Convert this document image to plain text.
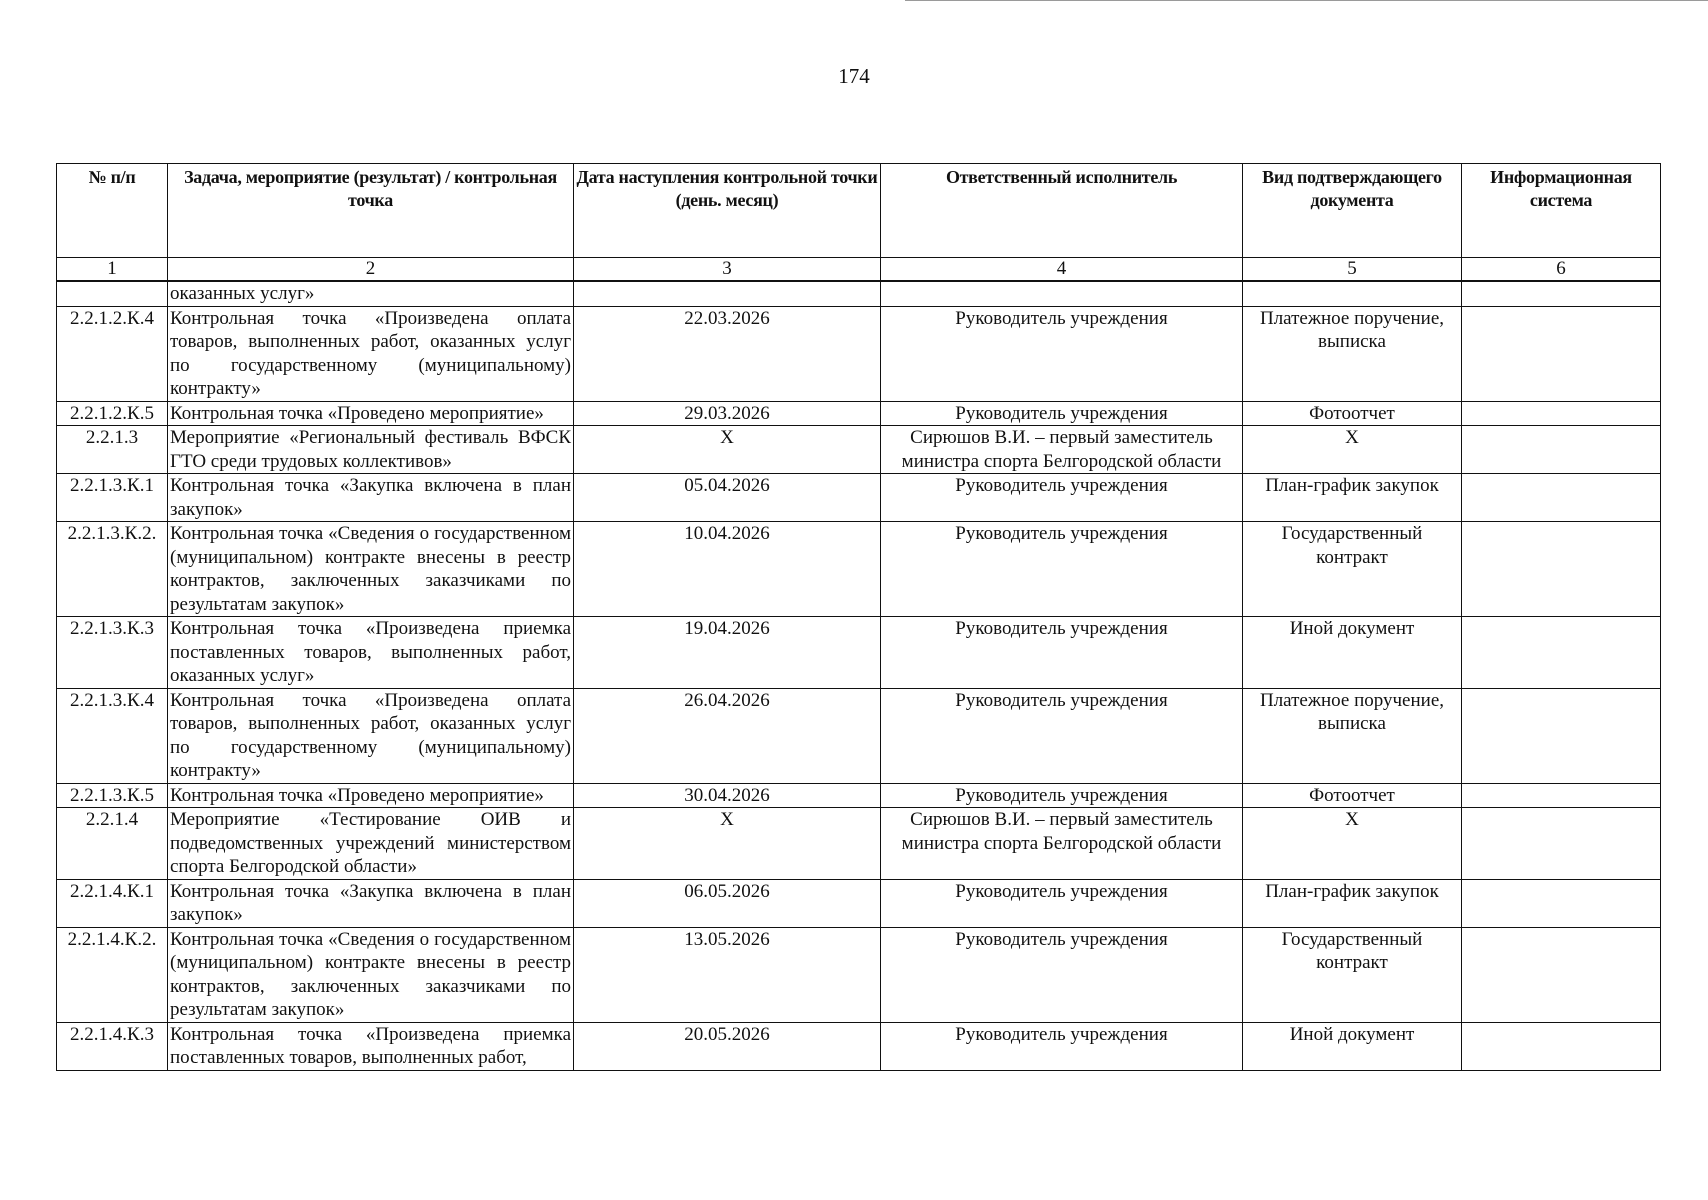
174
№ п/п	Задача, мероприятие (результат) / контрольная точка	Дата наступления контрольной точки (день. месяц)	Ответственный исполнитель	Вид подтверждающего документа	Информационная система
1	2	3	4	5	6
	оказанных услуг»				
2.2.1.2.К.4	Контрольная точка «Произведена оплата товаров, выполненных работ, оказанных услуг по государственному (муниципальному) контракту»	22.03.2026	Руководитель учреждения	Платежное поручение, выписка	
2.2.1.2.К.5	Контрольная точка «Проведено мероприятие»	29.03.2026	Руководитель учреждения	Фотоотчет	
2.2.1.3	Мероприятие «Региональный фестиваль ВФСК ГТО среди трудовых коллективов»	X	Сирюшов В.И. – первый заместитель министра спорта Белгородской области	X	
2.2.1.3.К.1	Контрольная точка «Закупка включена в план закупок»	05.04.2026	Руководитель учреждения	План-график закупок	
2.2.1.3.К.2.	Контрольная точка «Сведения о государственном (муниципальном) контракте внесены в реестр контрактов, заключенных заказчиками по результатам закупок»	10.04.2026	Руководитель учреждения	Государственный контракт	
2.2.1.3.К.3	Контрольная точка «Произведена приемка поставленных товаров, выполненных работ, оказанных услуг»	19.04.2026	Руководитель учреждения	Иной документ	
2.2.1.3.К.4	Контрольная точка «Произведена оплата товаров, выполненных работ, оказанных услуг по государственному (муниципальному) контракту»	26.04.2026	Руководитель учреждения	Платежное поручение, выписка	
2.2.1.3.К.5	Контрольная точка «Проведено мероприятие»	30.04.2026	Руководитель учреждения	Фотоотчет	
2.2.1.4	Мероприятие «Тестирование ОИВ и подведомственных учреждений министерством спорта Белгородской области»	X	Сирюшов В.И. – первый заместитель министра спорта Белгородской области	X	
2.2.1.4.К.1	Контрольная точка «Закупка включена в план закупок»	06.05.2026	Руководитель учреждения	План-график закупок	
2.2.1.4.К.2.	Контрольная точка «Сведения о государственном (муниципальном) контракте внесены в реестр контрактов, заключенных заказчиками по результатам закупок»	13.05.2026	Руководитель учреждения	Государственный контракт	
2.2.1.4.К.3	Контрольная точка «Произведена приемка поставленных товаров, выполненных работ,	20.05.2026	Руководитель учреждения	Иной документ	
